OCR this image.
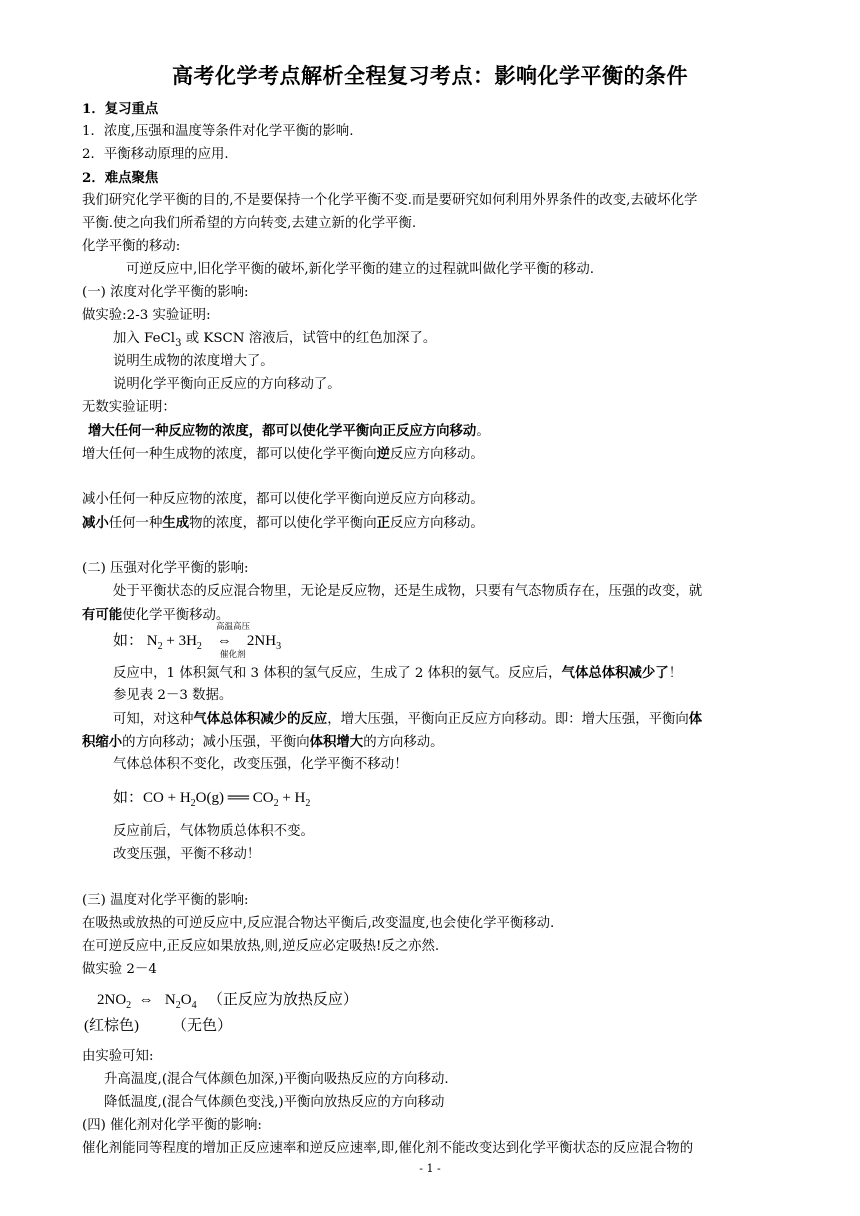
高考化学考点解析全程复习考点：影响化学平衡的条件
1．复习重点
1．浓度,压强和温度等条件对化学平衡的影响.
2．平衡移动原理的应用.
2．难点聚焦
我们研究化学平衡的目的,不是要保持一个化学平衡不变.而是要研究如何利用外界条件的改变,去破坏化学
平衡.使之向我们所希望的方向转变,去建立新的化学平衡.
化学平衡的移动:
可逆反应中,旧化学平衡的破坏,新化学平衡的建立的过程就叫做化学平衡的移动.
(一) 浓度对化学平衡的影响:
做实验:2-3 实验证明:
加入 FeCl$_3$ 或 KSCN 溶液后，试管中的红色加深了。
说明生成物的浓度增大了。
说明化学平衡向正反应的方向移动了。
无数实验证明：
增大任何一种反应物的浓度，都可以使化学平衡向正反应方向移动。
增大任何一种生成物的浓度，都可以使化学平衡向逆反应方向移动。
减小任何一种反应物的浓度，都可以使化学平衡向逆反应方向移动。
减小任何一种生成物的浓度，都可以使化学平衡向正反应方向移动。
(二) 压强对化学平衡的影响:
处于平衡状态的反应混合物里，无论是反应物，还是生成物，只要有气态物质存在，压强的改变，就
有可能使化学平衡移动。
高温高压
如： $N_2 + 3H_2$ ⇔ $2NH_3$
催化剂
反应中，1 体积氮气和 3 体积的氢气反应，生成了 2 体积的氨气。反应后，气体总体积减少了！
参见表 2－3 数据。
可知，对这种气体总体积减少的反应，增大压强，平衡向正反应方向移动。即：增大压强，平衡向体
积缩小的方向移动；减小压强，平衡向体积增大的方向移动。
气体总体积不变化，改变压强，化学平衡不移动！
如：CO + $H_2O(g)$ ══ $CO_2 + H_2$
反应前后，气体物质总体积不变。
改变压强，平衡不移动！
(三) 温度对化学平衡的影响:
在吸热或放热的可逆反应中,反应混合物达平衡后,改变温度,也会使化学平衡移动.
在可逆反应中,正反应如果放热,则,逆反应必定吸热!反之亦然.
做实验 2－4
$2NO_2$ ⇔ $N_2O_4$ （正反应为放热反应）
(红棕色) （无色）
由实验可知:
升高温度,(混合气体颜色加深,)平衡向吸热反应的方向移动.
降低温度,(混合气体颜色变浅,)平衡向放热反应的方向移动
(四) 催化剂对化学平衡的影响:
催化剂能同等程度的增加正反应速率和逆反应速率,即,催化剂不能改变达到化学平衡状态的反应混合物的
- 1 -
